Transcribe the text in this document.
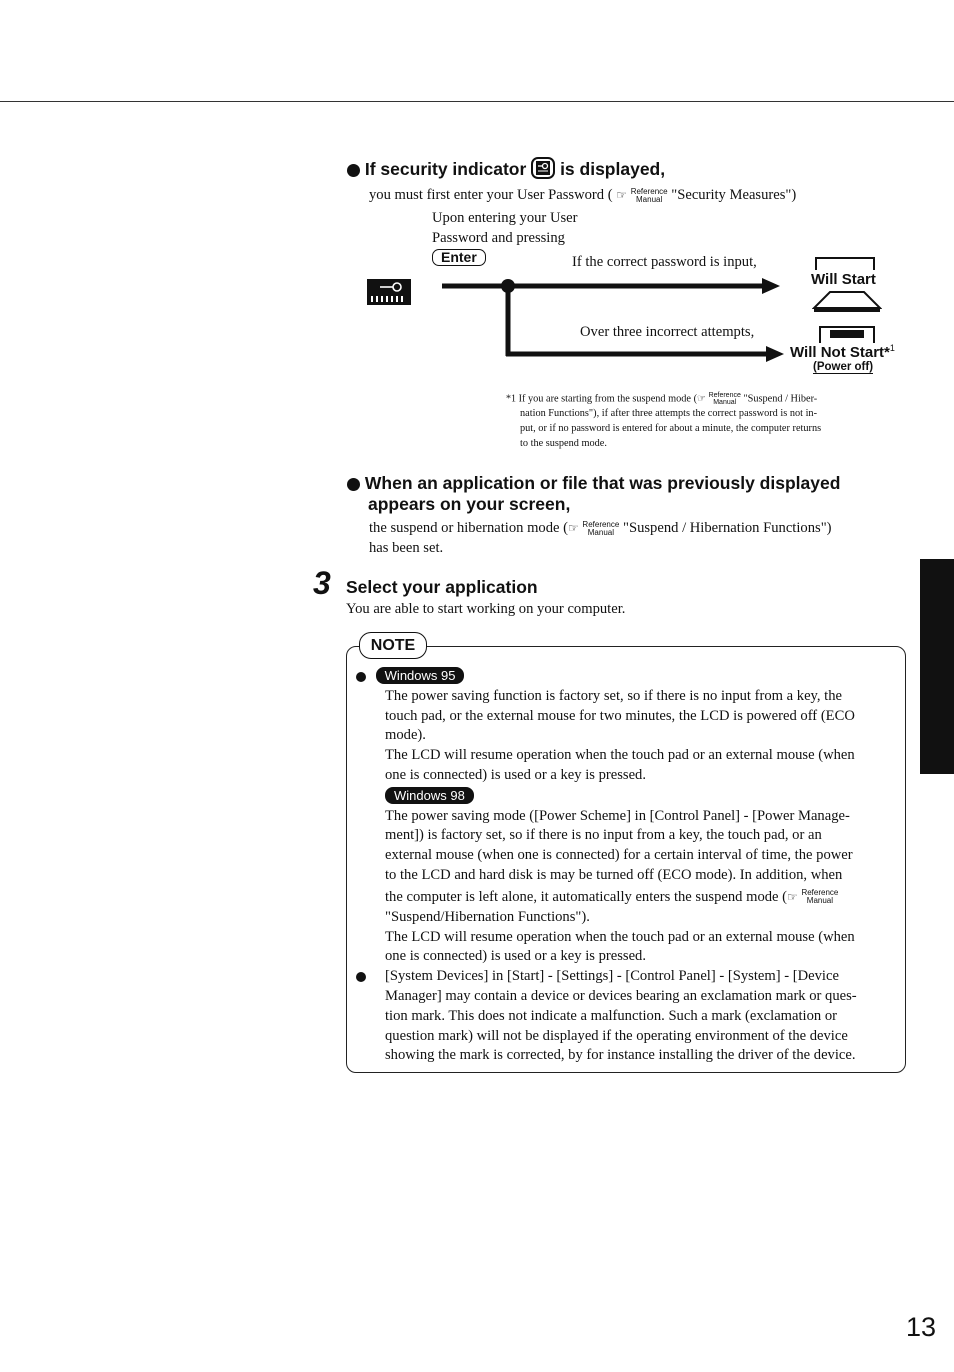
If security indicator is displayed,
you must first enter your User Password ( ☞ Reference
Manual "Security Measures")
Upon entering your User
Password and pressing
Enter	If the correct password is input,
Over three incorrect attempts,
Will Start
Will Not Start*$^1$
(Power off)
*1 If you are starting from the suspend mode (☞ Reference
Manual "Suspend / Hiber-
nation Functions"), if after three attempts the correct password is not in-
put, or if no password is entered for about a minute, the computer returns
to the suspend mode.
When an application or file that was previously displayed
appears on your screen,
the suspend or hibernation mode (☞ Reference
Manual "Suspend / Hibernation Functions")
has been set.
3 Select your application
You are able to start working on your computer.
NOTE
Windows 95
The power saving function is factory set, so if there is no input from a key, the
touch pad, or the external mouse for two minutes, the LCD is powered off (ECO
mode).
The LCD will resume operation when the touch pad or an external mouse (when
one is connected) is used or a key is pressed.
Windows 98
The power saving mode ([Power Scheme] in [Control Panel] - [Power Manage-
ment]) is factory set, so if there is no input from a key, the touch pad, or an
external mouse (when one is connected) for a certain interval of time, the power
to the LCD and hard disk is may be turned off (ECO mode). In addition, when
the computer is left alone, it automatically enters the suspend mode (☞ Reference
Manual
"Suspend/Hibernation Functions").
The LCD will resume operation when the touch pad or an external mouse (when
one is connected) is used or a key is pressed.
[System Devices] in [Start] - [Settings] - [Control Panel] - [System] - [Device
Manager] may contain a device or devices bearing an exclamation mark or ques-
tion mark. This does not indicate a malfunction. Such a mark (exclamation or
question mark) will not be displayed if the operating environment of the device
showing the mark is corrected, by for instance installing the driver of the device.
13
